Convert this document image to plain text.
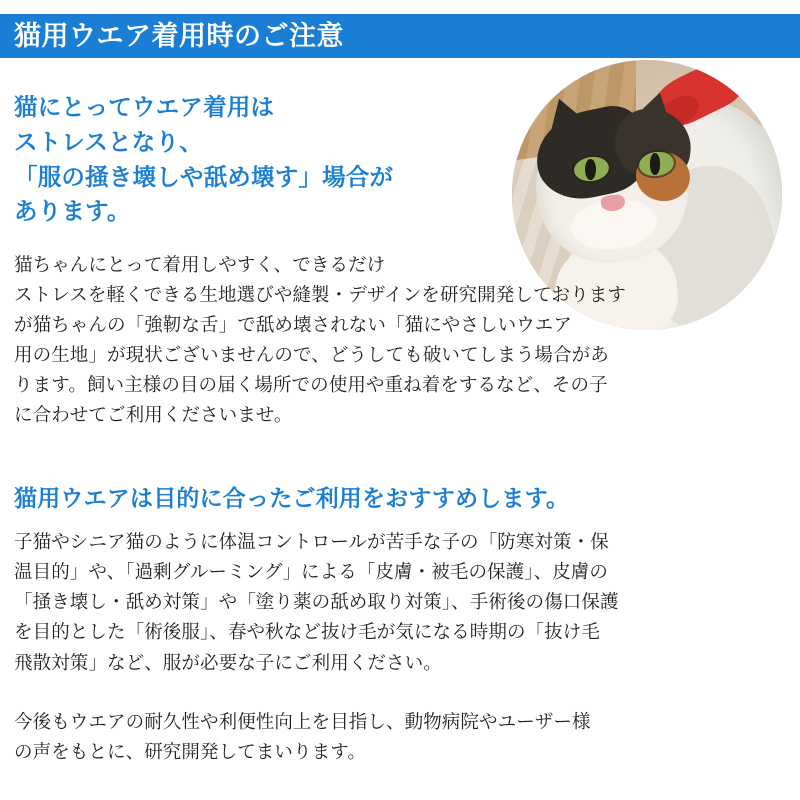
猫用ウエア着用時のご注意
猫にとってウエア着用は
ストレスとなり、
「服の掻き壊しや舐め壊す」場合が
あります。
猫ちゃんにとって着用しやすく、できるだけ
ストレスを軽くできる生地選びや縫製・デザインを研究開発しております
が猫ちゃんの「強靭な舌」で舐め壊されない「猫にやさしいウエア
用の生地」が現状ございませんので、どうしても破いてしまう場合があ
ります。飼い主様の目の届く場所での使用や重ね着をするなど、その子
に合わせてご利用くださいませ。
猫用ウエアは目的に合ったご利用をおすすめします。
子猫やシニア猫のように体温コントロールが苦手な子の「防寒対策・保
温目的」や、「過剰グルーミング」による「皮膚・被毛の保護」、皮膚の
「掻き壊し・舐め対策」や「塗り薬の舐め取り対策」、手術後の傷口保護
を目的とした「術後服」、春や秋など抜け毛が気になる時期の「抜け毛
飛散対策」など、服が必要な子にご利用ください。
今後もウエアの耐久性や利便性向上を目指し、動物病院やユーザー様
の声をもとに、研究開発してまいります。
